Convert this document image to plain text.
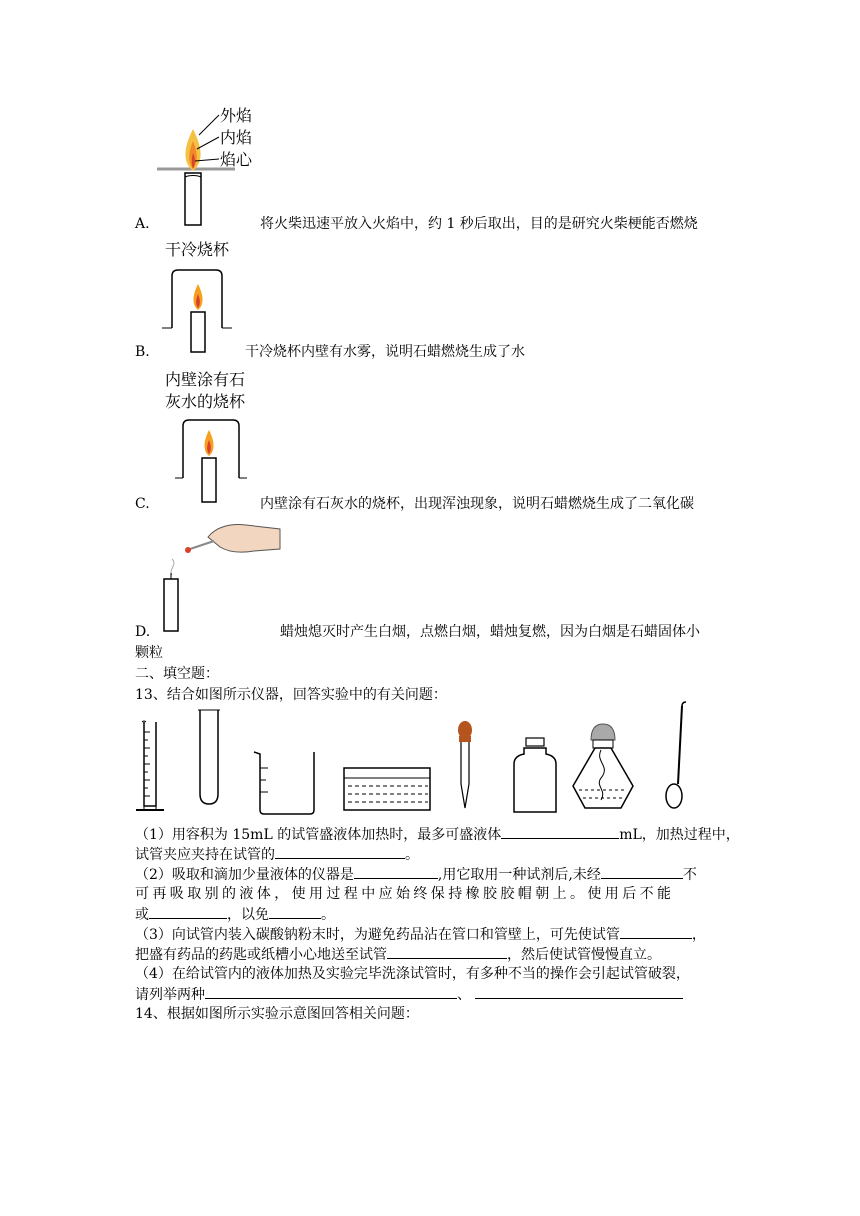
外焰
内焰
焰心
A.	将火柴迅速平放入火焰中，约 1 秒后取出，目的是研究火柴梗能否燃烧
干冷烧杯
B.	干冷烧杯内壁有水雾，说明石蜡燃烧生成了水
内壁涂有石
灰水的烧杯
C.	内壁涂有石灰水的烧杯，出现浑浊现象，说明石蜡燃烧生成了二氧化碳
D.	蜡烛熄灭时产生白烟，点燃白烟，蜡烛复燃，因为白烟是石蜡固体小
颗粒
二、填空题：
13、结合如图所示仪器，回答实验中的有关问题：
（1）用容积为 15mL 的试管盛液体加热时，最多可盛液体	mL，加热过程中，
试管夹应夹持在试管的	。
（2）吸取和滴加少量液体的仪器是	,用它取用一种试剂后,未经	不
可再吸取别的液体，使用过程中应始终保持橡胶胶帽朝上。使用后不能
或	，以免	。
（3）向试管内装入碳酸钠粉末时，为避免药品沾在管口和管壁上，可先使试管	，
把盛有药品的药匙或纸槽小心地送至试管	，然后使试管慢慢直立。
（4）在给试管内的液体加热及实验完毕洗涤试管时，有多种不当的操作会引起试管破裂，
请列举两种	、
14、根据如图所示实验示意图回答相关问题：
